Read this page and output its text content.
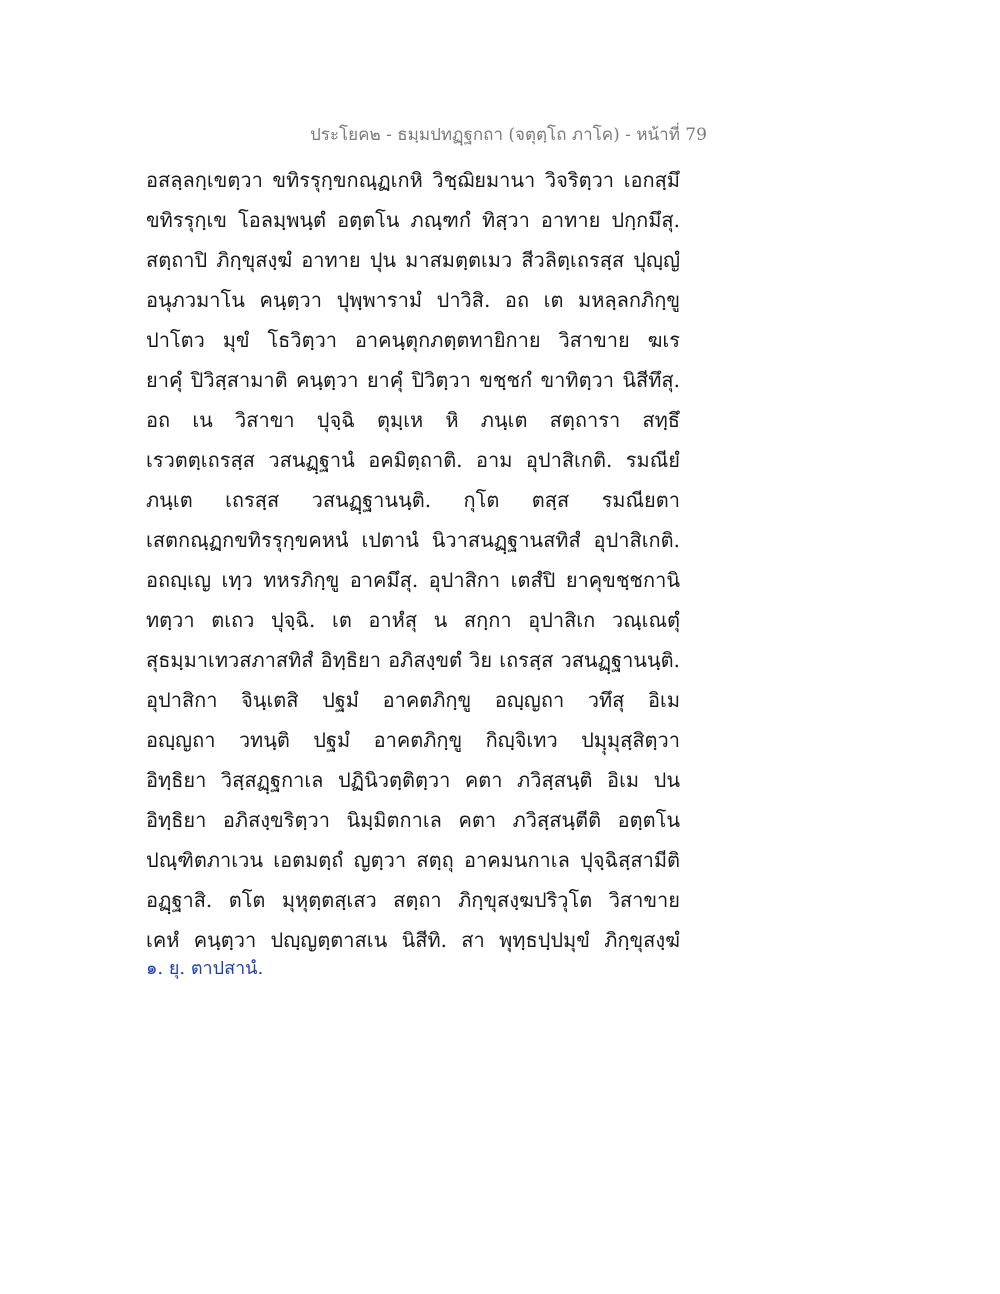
ประโยค๒ - ธมฺมปทฏฺฐกถา (จตุตฺโถ ภาโค) - หน้าที่ 79
อสลฺลกฺเขตฺวา ขทิรรุกฺขกณฺฏเกหิ วิชฺฌิยมานา วิจริตฺวา เอกสฺมึ
ขทิรรุกฺเข โอลมฺพนฺตํ อตฺตโน ภณฺฑกํ ทิสฺวา อาทาย ปกฺกมึสุ.
สตฺถาปิ ภิกฺขุสงฺฆํ อาทาย ปุน มาสมตฺตเมว สีวลิตฺเถรสฺส ปุญฺญํ
อนุภวมาโน คนฺตฺวา ปุพฺพารามํ ปาวิสิ. อถ เต มหลฺลกภิกฺขู
ปาโตว มุขํ โธวิตฺวา อาคนฺตุกภตฺตทายิกาย วิสาขาย ฆเร
ยาคุํ ปิวิสฺสามาติ คนฺตฺวา ยาคุํ ปิวิตฺวา ขชฺชกํ ขาทิตฺวา นิสีทึสุ.
อถ เน วิสาขา ปุจฺฉิ ตุมฺเห หิ ภนฺเต สตฺถารา สทฺธึ
เรวตตฺเถรสฺส วสนฏฺฐานํ อคมิตฺถาติ. อาม อุปาสิเกติ. รมณียํ
ภนฺเต เถรสฺส วสนฏฺฐานนฺติ. กุโต ตสฺส รมณียตา
เสตกณฺฏกขทิรรุกฺขคหนํ เปตานํ นิวาสนฏฺฐานสทิสํ อุปาสิเกติ.
อถญฺเญ เทฺว ทหรภิกฺขู อาคมึสุ. อุปาสิกา เตสํปิ ยาคุขชฺชกานิ
ทตฺวา ตเถว ปุจฺฉิ. เต อาหํสุ น สกฺกา อุปาสิเก วณฺเณตุํ
สุธมฺมาเทวสภาสทิสํ อิทฺธิยา อภิสงฺขตํ วิย เถรสฺส วสนฏฺฐานนฺติ.
อุปาสิกา จินฺเตสิ ปฐมํ อาคตภิกฺขู อญฺญถา วทึสุ อิเม
อญฺญถา วทนฺติ ปฐมํ อาคตภิกฺขู กิญฺจิเทว ปมฺุมุสฺสิตฺวา
อิทฺธิยา วิสฺสฏฺฐกาเล ปฏินิวตฺติตฺวา คตา ภวิสฺสนฺติ อิเม ปน
อิทฺธิยา อภิสงฺขริตฺวา นิมฺมิตกาเล คตา ภวิสฺสนฺตีติ อตฺตโน
ปณฺฑิตภาเวน เอตมตฺถํ ญตฺวา สตฺถุ อาคมนกาเล ปุจฺฉิสฺสามีติ
อฏฺฐาสิ. ตโต มุหุตฺตสฺเสว สตฺถา ภิกฺขุสงฺฆปริวุโต วิสาขาย
เคหํ คนฺตฺวา ปญฺญตฺตาสเน นิสีทิ. สา พุทฺธปฺปมุขํ ภิกฺขุสงฺฆํ
๑. ยุ. ตาปสานํ.
